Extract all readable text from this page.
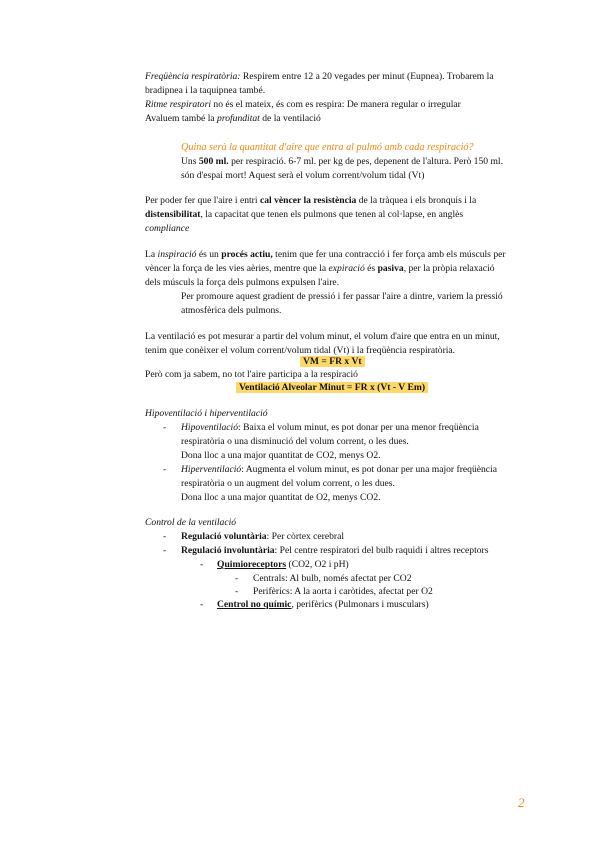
Freqüència respiratòria: Respirem entre 12 a 20 vegades per minut (Eupnea). Trobarem la
bradipnea i la taquipnea també.
Ritme respiratori no és el mateix, és com es respira: De manera regular o irregular
Avaluem també la profunditat de la ventilació
Quina serà la quantitat d'aire que entra al pulmó amb cada respiració?
Uns 500 ml. per respiració. 6-7 ml. per kg de pes, depenent de l'altura. Però 150 ml.
són d'espai mort! Aquest serà el volum corrent/volum tidal (Vt)
Per poder fer que l'aire i entri cal vèncer la resistència de la tràquea i els bronquis i la
distensibilitat, la capacitat que tenen els pulmons que tenen al col·lapse, en anglès
compliance
La inspiració és un procés actiu, tenim que fer una contracció i fer força amb els músculs per
vèncer la força de les vies aèries, mentre que la expiració és pasiva, per la pròpia relaxació
dels músculs la força dels pulmons expulsen l'aire.
Per promoure aquest gradient de pressió i fer passar l'aire a dintre, variem la pressió
atmosfèrica dels pulmons.
La ventilació es pot mesurar a partir del volum minut, el volum d'aire que entra en un minut,
tenim que conèixer el volum corrent/volum tidal (Vt) i la freqüència respiratòria.
VM = FR x Vt
Però com ja sabem, no tot l'aire participa a la respiració
Ventilació Alveolar Minut = FR x (Vt - V Em)
Hipoventilació i hiperventilació
- Hipoventilació: Baixa el volum minut, es pot donar per una menor freqüència
respiratòria o una disminució del volum corrent, o les dues.
Dona lloc a una major quantitat de CO2, menys O2.
- Hiperventilació: Augmenta el volum minut, es pot donar per una major freqüència
respiratòria o un augment del volum corrent, o les dues.
Dona lloc a una major quantitat de O2, menys CO2.
Control de la ventilació
- Regulació voluntària: Per còrtex cerebral
- Regulació involuntària: Pel centre respiratori del bulb raquidi i altres receptors
- Quimioreceptors (CO2, O2 i pH)
- Centrals: Al bulb, només afectat per CO2
- Perifèrics: A la aorta i caròtides, afectat per O2
- Centrol no químic, perifèrics (Pulmonars i musculars)
2
